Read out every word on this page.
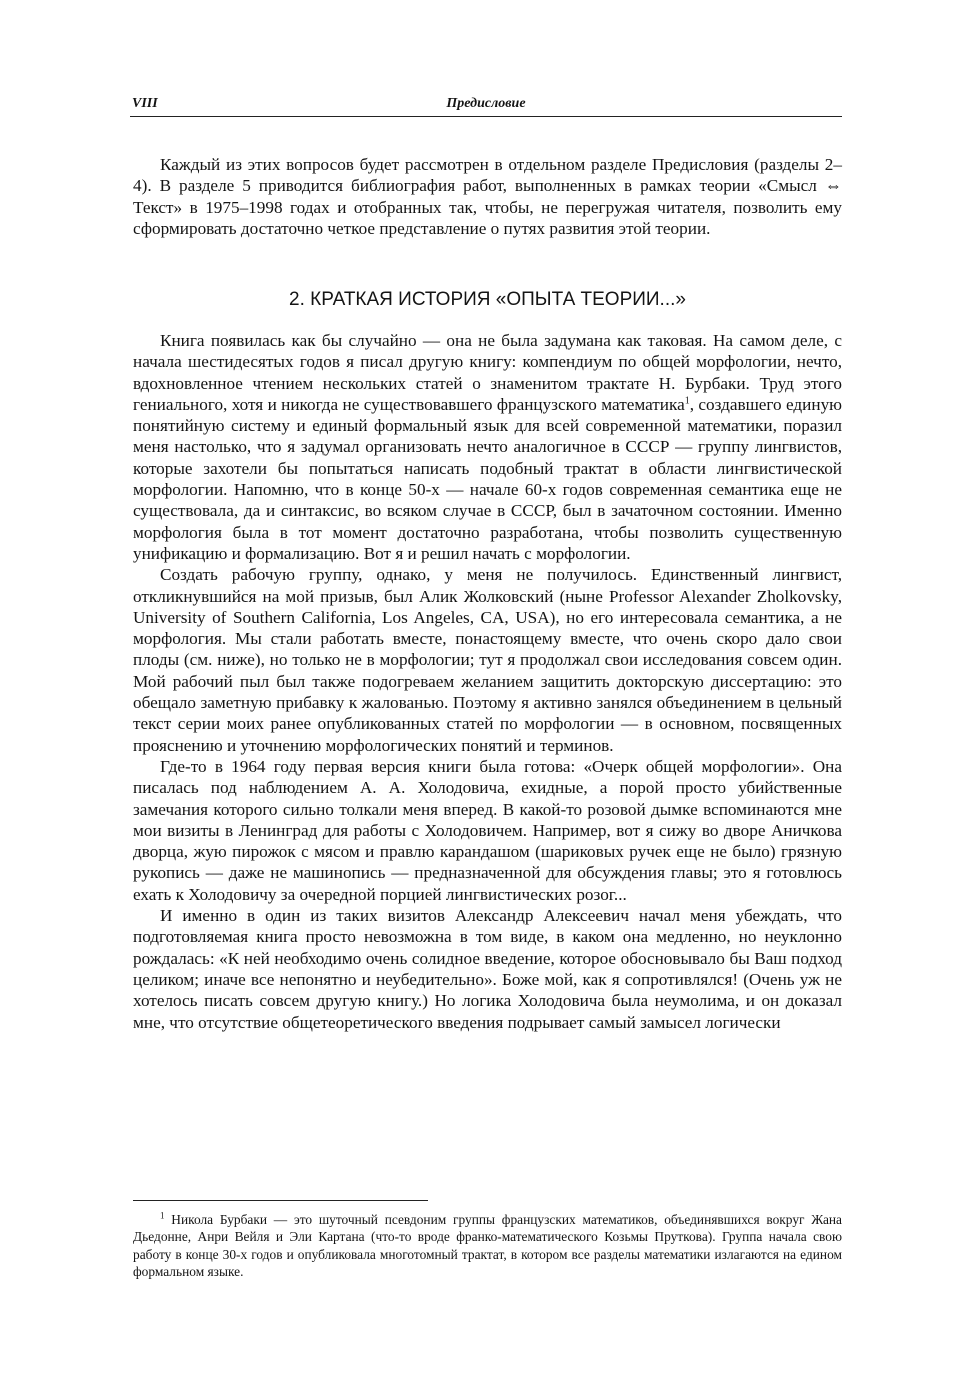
VIII	Предисловие

Каждый из этих вопросов будет рассмотрен в отдельном разделе Предисловия (разделы 2–4). В разделе 5 приводится библиография работ, выполненных в рамках теории «Смысл ⇔ Текст» в 1975–1998 годах и отобранных так, чтобы, не перегружая читателя, позволить ему сформировать достаточно четкое представление о путях развития этой теории.

2. КРАТКАЯ ИСТОРИЯ «ОПЫТА ТЕОРИИ...»

Книга появилась как бы случайно — она не была задумана как таковая. На самом деле, с начала шестидесятых годов я писал другую книгу: компендиум по общей морфологии, нечто, вдохновленное чтением нескольких статей о знаменитом трактате Н. Бурбаки. Труд этого гениального, хотя и никогда не существовавшего французского математика$^1$, создавшего единую понятийную систему и единый формальный язык для всей современной математики, поразил меня настолько, что я задумал организовать нечто аналогичное в СССР — группу лингвистов, которые захотели бы попытаться написать подобный трактат в области лингвистической морфологии. Напомню, что в конце 50-х — начале 60-х годов современная семантика еще не существовала, да и синтаксис, во всяком случае в СССР, был в зачаточном состоянии. Именно морфология была в тот момент достаточно разработана, чтобы позволить существенную унификацию и формализацию. Вот я и решил начать с морфологии.

Создать рабочую группу, однако, у меня не получилось. Единственный лингвист, откликнувшийся на мой призыв, был Алик Жолковский (ныне Professor Alexander Zholkovsky, University of Southern California, Los Angeles, CA, USA), но его интересовала семантика, а не морфология. Мы стали работать вместе, понастоящему вместе, что очень скоро дало свои плоды (см. ниже), но только не в морфологии; тут я продолжал свои исследования совсем один. Мой рабочий пыл был также подогреваем желанием защитить докторскую диссертацию: это обещало заметную прибавку к жалованью. Поэтому я активно занялся объединением в цельный текст серии моих ранее опубликованных статей по морфологии — в основном, посвященных прояснению и уточнению морфологических понятий и терминов.

Где-то в 1964 году первая версия книги была готова: «Очерк общей морфологии». Она писалась под наблюдением А. А. Холодовича, ехидные, а порой просто убийственные замечания которого сильно толкали меня вперед. В какой-то розовой дымке вспоминаются мне мои визиты в Ленинград для работы с Холодовичем. Например, вот я сижу во дворе Аничкова дворца, жую пирожок с мясом и правлю карандашом (шариковых ручек еще не было) грязную рукопись — даже не машинопись — предназначенной для обсуждения главы; это я готовлюсь ехать к Холодовичу за очередной порцией лингвистических розог...

И именно в один из таких визитов Александр Алексеевич начал меня убеждать, что подготовляемая книга просто невозможна в том виде, в каком она медленно, но неуклонно рождалась: «К ней необходимо очень солидное введение, которое обосновывало бы Ваш подход целиком; иначе все непонятно и неубедительно». Боже мой, как я сопротивлялся! (Очень уж не хотелось писать совсем другую книгу.) Но логика Холодовича была неумолима, и он доказал мне, что отсутствие общетеоретического введения подрывает самый замысел логически

$^1$ Никола Бурбаки — это шуточный псевдоним группы французских математиков, объединявшихся вокруг Жана Дьедонне, Анри Вейля и Эли Картана (что-то вроде франко-математического Козьмы Пруткова). Группа начала свою работу в конце 30-х годов и опубликовала многотомный трактат, в котором все разделы математики излагаются на едином формальном языке.
